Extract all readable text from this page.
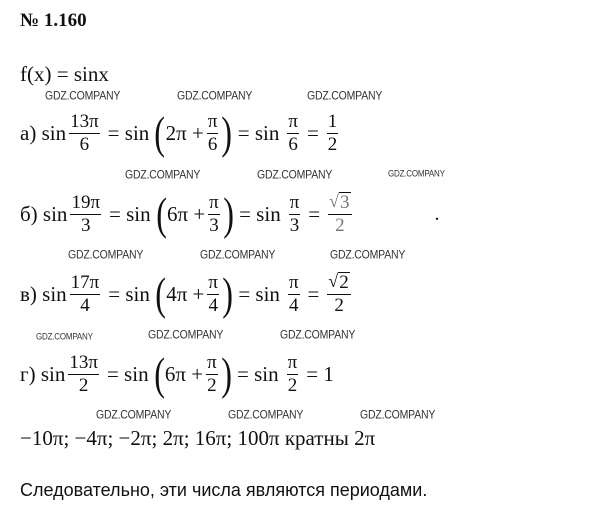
№ 1.160
f(x) = sinx
GDZ.COMPANY	GDZ.COMPANY	GDZ.COMPANY
GDZ.COMPANY	GDZ.COMPANY	GDZ.COMPANY
GDZ.COMPANY	GDZ.COMPANY	GDZ.COMPANY
GDZ.COMPANY	GDZ.COMPANY	GDZ.COMPANY
GDZ.COMPANY	GDZ.COMPANY	GDZ.COMPANY
а) $\sin \frac{13\pi}{6} = \sin$ ( $2\pi + \frac{\pi}{6}$ ) = $\sin \frac{\pi}{6} = \frac{1}{2}$
б) $\sin \frac{19\pi}{3} = \sin$ ( $6\pi + \frac{\pi}{3}$ ) = $\sin \frac{\pi}{3} = \frac{√ 3}{2}$	.
в) $\sin \frac{17\pi}{4} = \sin$ ( $4\pi + \frac{\pi}{4}$ ) = $\sin \frac{\pi}{4} = \frac{√ 2}{2}$
г) $\sin \frac{13\pi}{2} = \sin$ ( $6\pi + \frac{\pi}{2}$ ) = $\sin \frac{\pi}{2} = 1$
−10π; −4π; −2π; 2π; 16π; 100π кратны 2π
Следовательно, эти числа являются периодами.
